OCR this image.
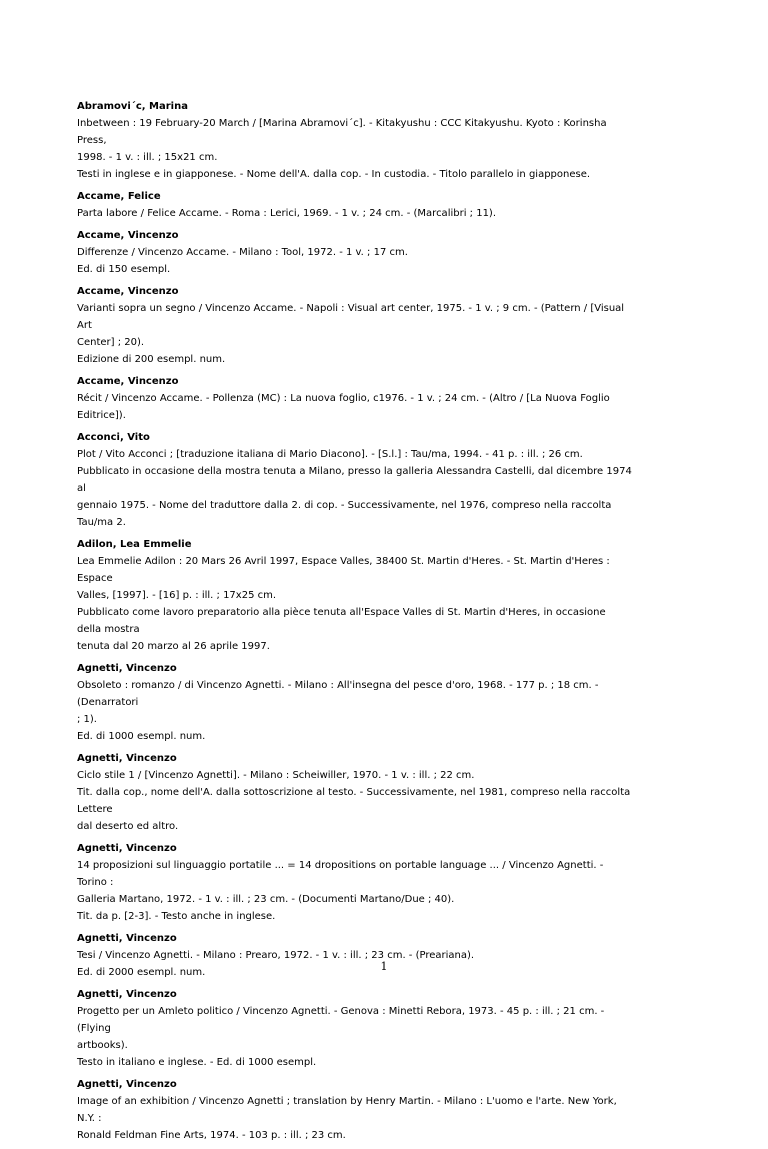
Abramovi´c, Marina
Inbetween : 19 February-20 March / [Marina Abramovi´c]. - Kitakyushu : CCC Kitakyushu. Kyoto : Korinsha Press,
1998. - 1 v. : ill. ; 15x21 cm.
Testi in inglese e in giapponese. - Nome dell'A. dalla cop. - In custodia. - Titolo parallelo in giapponese.
Accame, Felice
Parta labore / Felice Accame. - Roma : Lerici, 1969. - 1 v. ; 24 cm. - (Marcalibri ; 11).
Accame, Vincenzo
Differenze / Vincenzo Accame. - Milano : Tool, 1972. - 1 v. ; 17 cm.
Ed. di 150 esempl.
Accame, Vincenzo
Varianti sopra un segno / Vincenzo Accame. - Napoli : Visual art center, 1975. - 1 v. ; 9 cm. - (Pattern / [Visual Art
Center] ; 20).
Edizione di 200 esempl. num.
Accame, Vincenzo
Récit / Vincenzo Accame. - Pollenza (MC) : La nuova foglio, c1976. - 1 v. ; 24 cm. - (Altro / [La Nuova Foglio
Editrice]).
Acconci, Vito
Plot / Vito Acconci ; [traduzione italiana di Mario Diacono]. - [S.l.] : Tau/ma, 1994. - 41 p. : ill. ; 26 cm.
Pubblicato in occasione della mostra tenuta a Milano, presso la galleria Alessandra Castelli, dal dicembre 1974 al
gennaio 1975. - Nome del traduttore dalla 2. di cop. - Successivamente, nel 1976, compreso nella raccolta Tau/ma 2.
Adilon, Lea Emmelie
Lea Emmelie Adilon : 20 Mars 26 Avril 1997, Espace Valles, 38400 St. Martin d'Heres. - St. Martin d'Heres : Espace
Valles, [1997]. - [16] p. : ill. ; 17x25 cm.
Pubblicato come lavoro preparatorio alla pièce tenuta all'Espace Valles di St. Martin d'Heres, in occasione della mostra
tenuta dal 20 marzo al 26 aprile 1997.
Agnetti, Vincenzo
Obsoleto : romanzo / di Vincenzo Agnetti. - Milano : All'insegna del pesce d'oro, 1968. - 177 p. ; 18 cm. - (Denarratori
; 1).
Ed. di 1000 esempl. num.
Agnetti, Vincenzo
Ciclo stile 1 / [Vincenzo Agnetti]. - Milano : Scheiwiller, 1970. - 1 v. : ill. ; 22 cm.
Tit. dalla cop., nome dell'A. dalla sottoscrizione al testo. - Successivamente, nel 1981, compreso nella raccolta Lettere
dal deserto ed altro.
Agnetti, Vincenzo
14 proposizioni sul linguaggio portatile ... = 14 dropositions on portable language ... / Vincenzo Agnetti. - Torino :
Galleria Martano, 1972. - 1 v. : ill. ; 23 cm. - (Documenti Martano/Due ; 40).
Tit. da p. [2-3]. - Testo anche in inglese.
Agnetti, Vincenzo
Tesi / Vincenzo Agnetti. - Milano : Prearo, 1972. - 1 v. : ill. ; 23 cm. - (Preariana).
Ed. di 2000 esempl. num.
Agnetti, Vincenzo
Progetto per un Amleto politico / Vincenzo Agnetti. - Genova : Minetti Rebora, 1973. - 45 p. : ill. ; 21 cm. - (Flying
artbooks).
Testo in italiano e inglese. - Ed. di 1000 esempl.
Agnetti, Vincenzo
Image of an exhibition / Vincenzo Agnetti ; translation by Henry Martin. - Milano : L'uomo e l'arte. New York, N.Y. :
Ronald Feldman Fine Arts, 1974. - 103 p. : ill. ; 23 cm.
1
